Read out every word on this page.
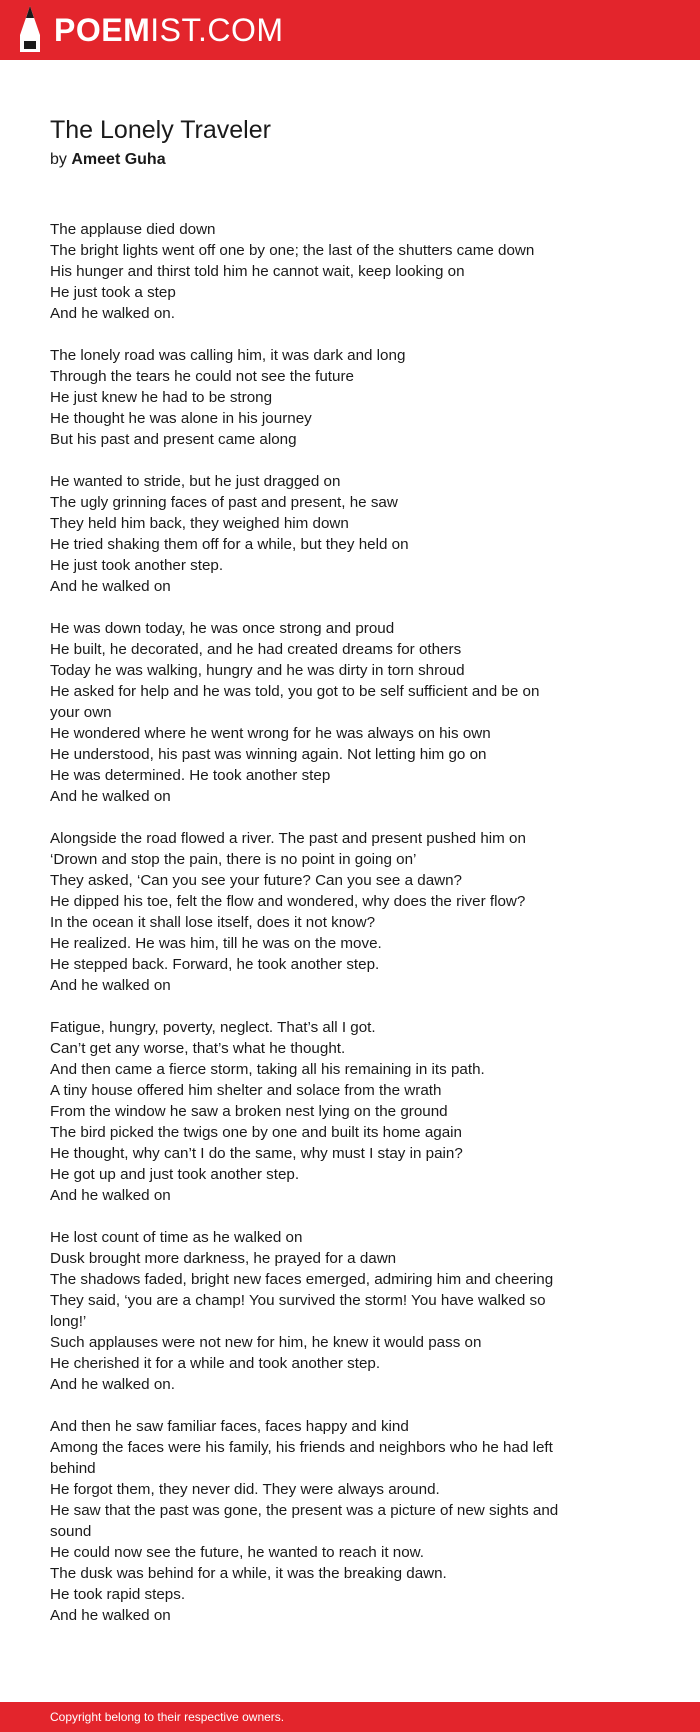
POEMIST.COM
The Lonely Traveler
by Ameet Guha
The applause died down
The bright lights went off one by one; the last of the shutters came down
His hunger and thirst told him he cannot wait, keep looking on
He just took a step
And he walked on.
The lonely road was calling him, it was dark and long
Through the tears he could not see the future
He just knew he had to be strong
He thought he was alone in his journey
But his past and present came along
He wanted to stride, but he just dragged on
The ugly grinning faces of past and present, he saw
They held him back, they weighed him down
He tried shaking them off for a while, but they held on
He just took another step.
And he walked on
He was down today, he was once strong and proud
He built, he decorated, and he had created dreams for others
Today he was walking, hungry and he was dirty in torn shroud
He asked for help and he was told, you got to be self sufficient and be on your own
He wondered where he went wrong for he was always on his own
He understood, his past was winning again. Not letting him go on
He was determined. He took another step
And he walked on
Alongside the road flowed a river. The past and present pushed him on
‘Drown and stop the pain, there is no point in going on’
They asked, ‘Can you see your future? Can you see a dawn?
He dipped his toe, felt the flow and wondered, why does the river flow?
In the ocean it shall lose itself, does it not know?
He realized. He was him, till he was on the move.
He stepped back. Forward, he took another step.
And he walked on
Fatigue, hungry, poverty, neglect. That’s all I got.
Can’t get any worse, that’s what he thought.
And then came a fierce storm, taking all his remaining in its path.
A tiny house offered him shelter and solace from the wrath
From the window he saw a broken nest lying on the ground
The bird picked the twigs one by one and built its home again
He thought, why can’t I do the same, why must I stay in pain?
He got up and just took another step.
And he walked on
He lost count of time as he walked on
Dusk brought more darkness, he prayed for a dawn
The shadows faded, bright new faces emerged, admiring him and cheering
They said, ‘you are a champ! You survived the storm! You have walked so long!’
Such applauses were not new for him, he knew it would pass on
He cherished it for a while and took another step.
And he walked on.
And then he saw familiar faces, faces happy and kind
Among the faces were his family, his friends and neighbors who he had left behind
He forgot them, they never did. They were always around.
He saw that the past was gone, the present was a picture of new sights and sound
He could now see the future, he wanted to reach it now.
The dusk was behind for a while, it was the breaking dawn.
He took rapid steps.
And he walked on
Copyright belong to their respective owners.
